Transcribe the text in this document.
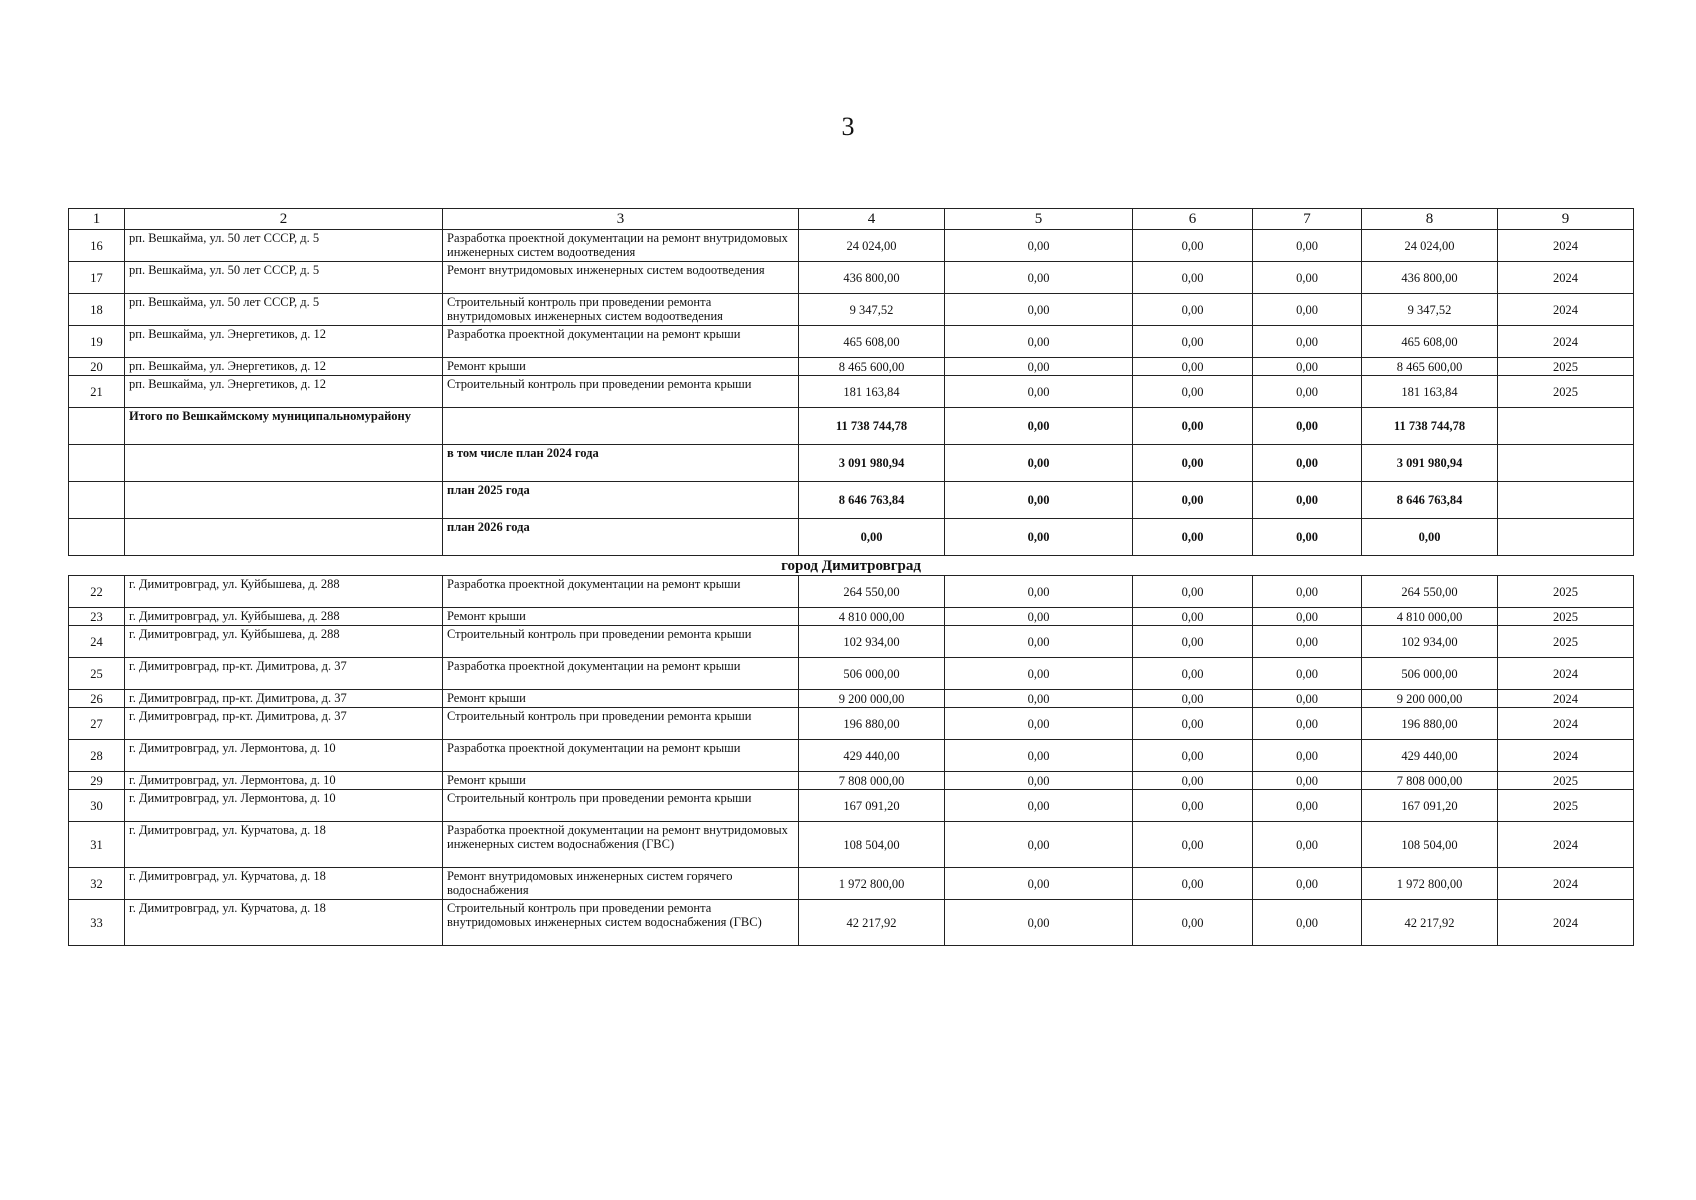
3
1	2	3	4	5	6	7	8	9
16	рп. Вешкайма, ул. 50 лет СССР, д. 5	Разработка проектной документации на ремонт внутридомовых инженерных систем водоотведения	24 024,00	0,00	0,00	0,00	24 024,00	2024
17	рп. Вешкайма, ул. 50 лет СССР, д. 5	Ремонт внутридомовых инженерных систем водоотведения	436 800,00	0,00	0,00	0,00	436 800,00	2024
18	рп. Вешкайма, ул. 50 лет СССР, д. 5	Строительный контроль при проведении ремонта внутридомовых инженерных систем водоотведения	9 347,52	0,00	0,00	0,00	9 347,52	2024
19	рп. Вешкайма, ул. Энергетиков, д. 12	Разработка проектной документации на ремонт крыши	465 608,00	0,00	0,00	0,00	465 608,00	2024
20	рп. Вешкайма, ул. Энергетиков, д. 12	Ремонт крыши	8 465 600,00	0,00	0,00	0,00	8 465 600,00	2025
21	рп. Вешкайма, ул. Энергетиков, д. 12	Строительный контроль при проведении ремонта крыши	181 163,84	0,00	0,00	0,00	181 163,84	2025
	Итого по Вешкаймскому муниципальномурайону		11 738 744,78	0,00	0,00	0,00	11 738 744,78	
		в том числе план 2024 года	3 091 980,94	0,00	0,00	0,00	3 091 980,94	
		план 2025 года	8 646 763,84	0,00	0,00	0,00	8 646 763,84	
		план 2026 года	0,00	0,00	0,00	0,00	0,00	
город Димитровград								
22	г. Димитровград, ул. Куйбышева, д. 288	Разработка проектной документации на ремонт крыши	264 550,00	0,00	0,00	0,00	264 550,00	2025
23	г. Димитровград, ул. Куйбышева, д. 288	Ремонт крыши	4 810 000,00	0,00	0,00	0,00	4 810 000,00	2025
24	г. Димитровград, ул. Куйбышева, д. 288	Строительный контроль при проведении ремонта крыши	102 934,00	0,00	0,00	0,00	102 934,00	2025
25	г. Димитровград, пр-кт. Димитрова, д. 37	Разработка проектной документации на ремонт крыши	506 000,00	0,00	0,00	0,00	506 000,00	2024
26	г. Димитровград, пр-кт. Димитрова, д. 37	Ремонт крыши	9 200 000,00	0,00	0,00	0,00	9 200 000,00	2024
27	г. Димитровград, пр-кт. Димитрова, д. 37	Строительный контроль при проведении ремонта крыши	196 880,00	0,00	0,00	0,00	196 880,00	2024
28	г. Димитровград, ул. Лермонтова, д. 10	Разработка проектной документации на ремонт крыши	429 440,00	0,00	0,00	0,00	429 440,00	2024
29	г. Димитровград, ул. Лермонтова, д. 10	Ремонт крыши	7 808 000,00	0,00	0,00	0,00	7 808 000,00	2025
30	г. Димитровград, ул. Лермонтова, д. 10	Строительный контроль при проведении ремонта крыши	167 091,20	0,00	0,00	0,00	167 091,20	2025
31	г. Димитровград, ул. Курчатова, д. 18	Разработка проектной документации на ремонт внутридомовых инженерных систем водоснабжения (ГВС)	108 504,00	0,00	0,00	0,00	108 504,00	2024
32	г. Димитровград, ул. Курчатова, д. 18	Ремонт внутридомовых инженерных систем горячего водоснабжения	1 972 800,00	0,00	0,00	0,00	1 972 800,00	2024
33	г. Димитровград, ул. Курчатова, д. 18	Строительный контроль при проведении ремонта внутридомовых инженерных систем водоснабжения (ГВС)	42 217,92	0,00	0,00	0,00	42 217,92	2024
